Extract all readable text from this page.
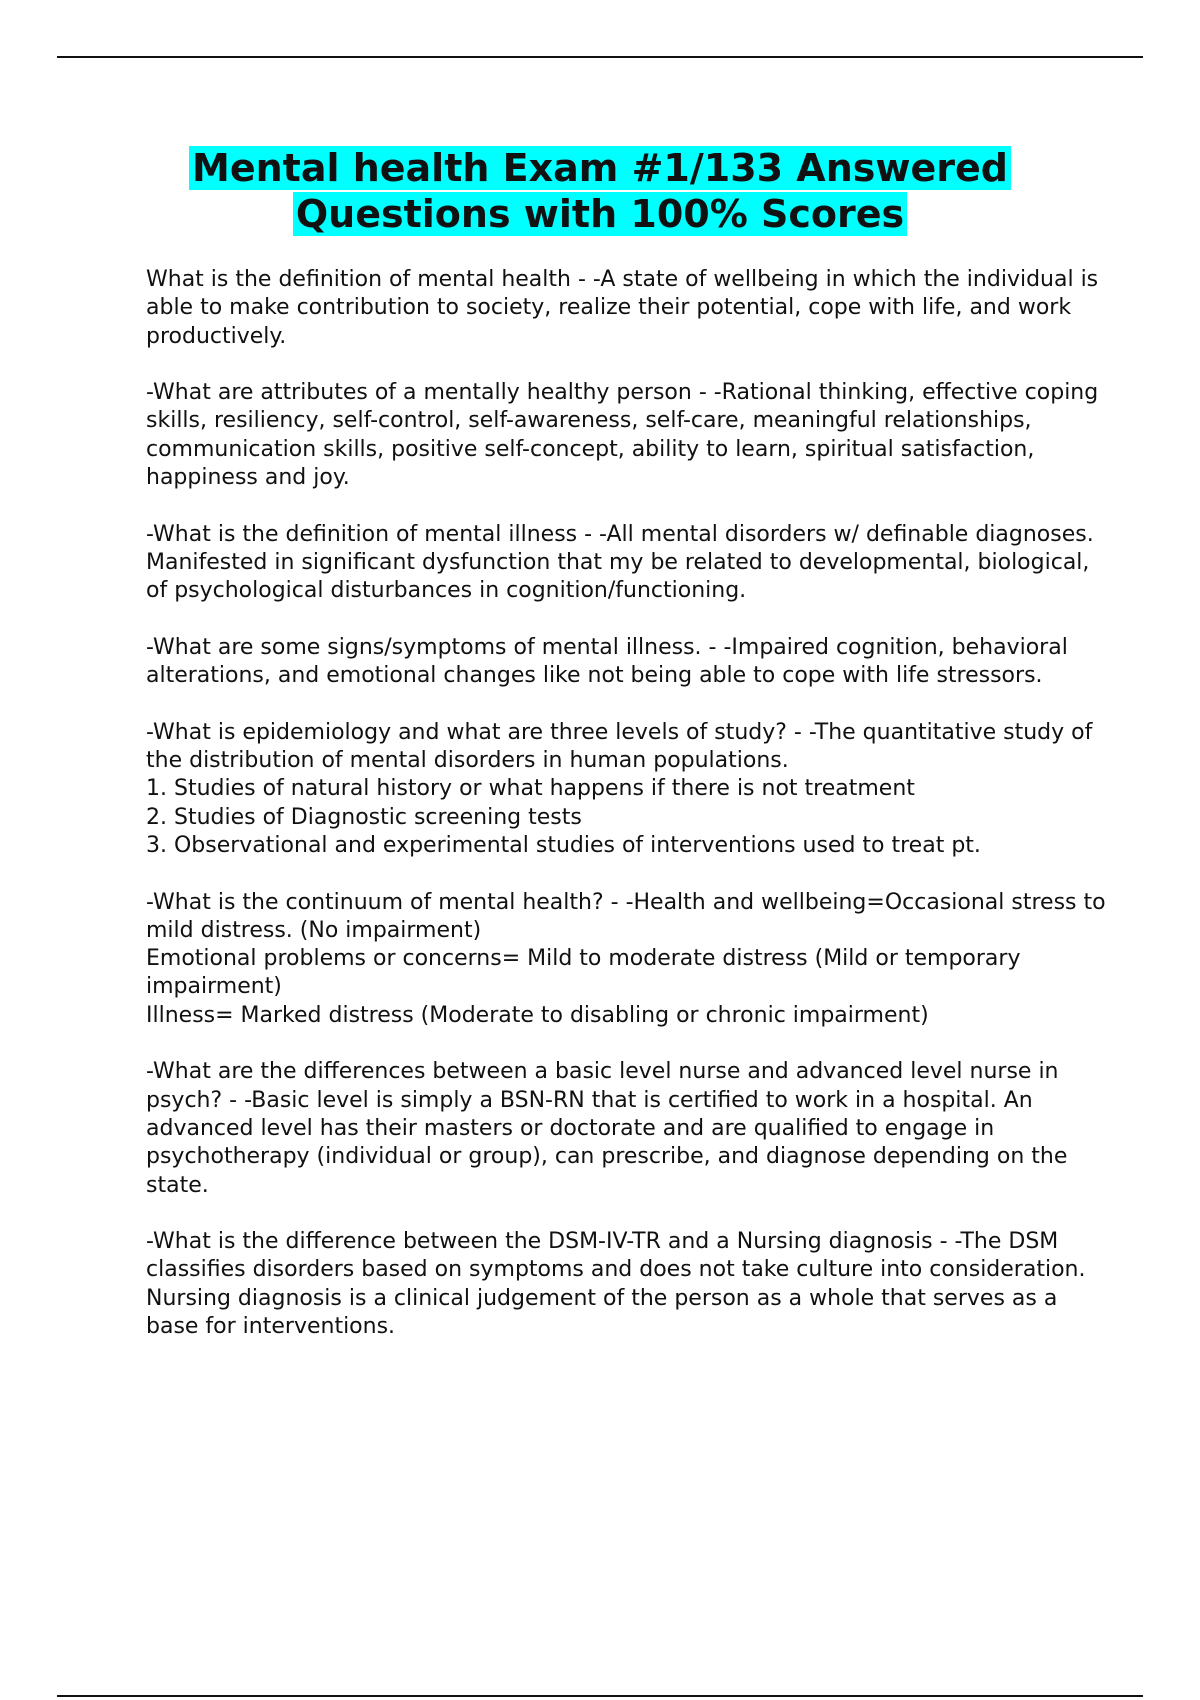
Mental health Exam #1/133 Answered
Questions with 100% Scores

What is the definition of mental health - -A state of wellbeing in which the individual is able to make contribution to society, realize their potential, cope with life, and work productively.

-What are attributes of a mentally healthy person - -Rational thinking, effective coping skills, resiliency, self-control, self-awareness, self-care, meaningful relationships, communication skills, positive self-concept, ability to learn, spiritual satisfaction, happiness and joy.

-What is the definition of mental illness - -All mental disorders w/ definable diagnoses. Manifested in significant dysfunction that my be related to developmental, biological, of psychological disturbances in cognition/functioning.

-What are some signs/symptoms of mental illness. - -Impaired cognition, behavioral alterations, and emotional changes like not being able to cope with life stressors.

-What is epidemiology and what are three levels of study? - -The quantitative study of the distribution of mental disorders in human populations.
1. Studies of natural history or what happens if there is not treatment
2. Studies of Diagnostic screening tests
3. Observational and experimental studies of interventions used to treat pt.

-What is the continuum of mental health? - -Health and wellbeing=Occasional stress to mild distress. (No impairment)
Emotional problems or concerns= Mild to moderate distress (Mild or temporary impairment)
Illness= Marked distress (Moderate to disabling or chronic impairment)

-What are the differences between a basic level nurse and advanced level nurse in psych? - -Basic level is simply a BSN-RN that is certified to work in a hospital. An advanced level has their masters or doctorate and are qualified to engage in psychotherapy (individual or group), can prescribe, and diagnose depending on the state.

-What is the difference between the DSM-IV-TR and a Nursing diagnosis - -The DSM classifies disorders based on symptoms and does not take culture into consideration. Nursing diagnosis is a clinical judgement of the person as a whole that serves as a base for interventions.
